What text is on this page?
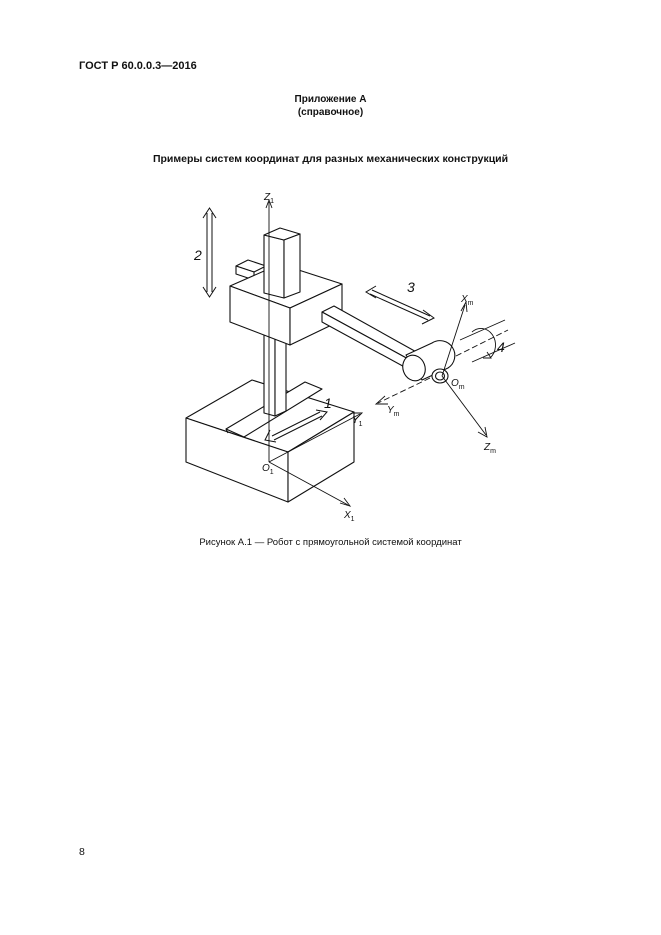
ГОСТ Р 60.0.0.3—2016
Приложение А
(справочное)
Примеры систем координат для разных механических конструкций
$Z_1$
$O_1$
$X_1$
$Y_1$
$X_m$
$Y_m$
$Z_m$
$O_m$
2
3
1
4
Рисунок А.1 — Робот с прямоугольной системой координат
8
